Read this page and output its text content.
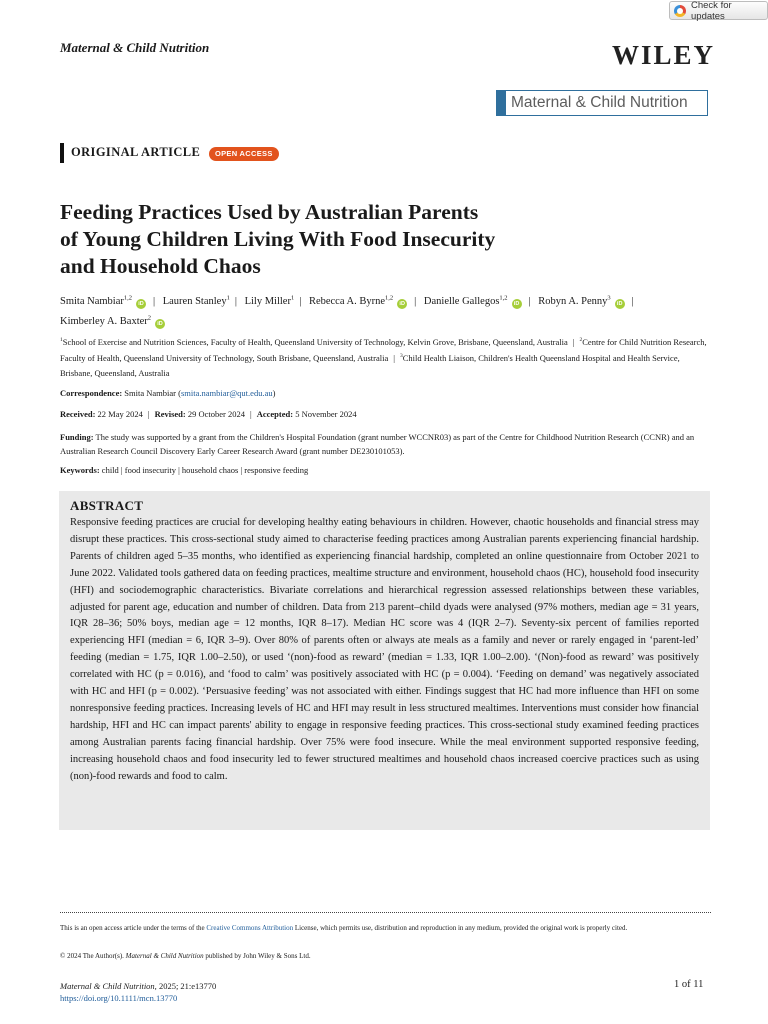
Check for updates
Maternal & Child Nutrition	WILEY
Maternal & Child Nutrition
ORIGINAL ARTICLE	OPEN ACCESS
Feeding Practices Used by Australian Parents
of Young Children Living With Food Insecurity
and Household Chaos
Smita Nambiar$^{1,2}$iD | Lauren Stanley$^1$ | Lily Miller$^1$ | Rebecca A. Byrne$^{1,2}$iD | Danielle Gallegos$^{1,2}$iD | Robyn A. Penny$^3$iD |
Kimberley A. Baxter$^2$iD
$^1$School of Exercise and Nutrition Sciences, Faculty of Health, Queensland University of Technology, Kelvin Grove, Brisbane, Queensland, Australia | $^2$Centre for Child Nutrition Research, Faculty of Health, Queensland University of Technology, South Brisbane, Queensland, Australia | $^3$Child Health Liaison, Children's Health Queensland Hospital and Health Service, Brisbane, Queensland, Australia
Correspondence: Smita Nambiar (smita.nambiar@qut.edu.au)
Received: 22 May 2024 | Revised: 29 October 2024 | Accepted: 5 November 2024
Funding: The study was supported by a grant from the Children's Hospital Foundation (grant number WCCNR03) as part of the Centre for Childhood Nutrition Research (CCNR) and an Australian Research Council Discovery Early Career Research Award (grant number DE230101053).
Keywords: child | food insecurity | household chaos | responsive feeding
ABSTRACT
Responsive feeding practices are crucial for developing healthy eating behaviours in children. However, chaotic households and financial stress may disrupt these practices. This cross-sectional study aimed to characterise feeding practices among Australian parents experiencing financial hardship. Parents of children aged 5–35 months, who identified as experiencing financial hardship, completed an online questionnaire from October 2021 to June 2022. Validated tools gathered data on feeding practices, mealtime structure and environment, household chaos (HC), household food insecurity (HFI) and sociodemographic characteristics. Bivariate correlations and hierarchical regression assessed relationships between these variables, adjusted for parent age, education and number of children. Data from 213 parent–child dyads were analysed (97% mothers, median age = 31 years, IQR 28–36; 50% boys, median age = 12 months, IQR 8–17). Median HC score was 4 (IQR 2–7). Seventy-six percent of families reported experiencing HFI (median = 6, IQR 3–9). Over 80% of parents often or always ate meals as a family and never or rarely engaged in ‘parent-led’ feeding (median = 1.75, IQR 1.00–2.50), or used ‘(non)-food as reward’ (median = 1.33, IQR 1.00–2.00). ‘(Non)-food as reward’ was positively correlated with HC (p = 0.016), and ‘food to calm’ was positively associated with HC (p = 0.004). ‘Feeding on demand’ was negatively associated with HC and HFI (p = 0.002). ‘Persuasive feeding’ was not associated with either. Findings suggest that HC had more influence than HFI on some nonresponsive feeding practices. Increasing levels of HC and HFI may result in less structured mealtimes. Interventions must consider how financial hardship, HFI and HC can impact parents' ability to engage in responsive feeding practices. This cross-sectional study examined feeding practices among Australian parents facing financial hardship. Over 75% were food insecure. While the meal environment supported responsive feeding, increasing household chaos and food insecurity led to fewer structured mealtimes and household chaos increased coercive practices such as using (non)-food rewards and food to calm.
This is an open access article under the terms of the Creative Commons Attribution License, which permits use, distribution and reproduction in any medium, provided the original work is properly cited.
© 2024 The Author(s). Maternal & Child Nutrition published by John Wiley & Sons Ltd.
Maternal & Child Nutrition, 2025; 21:e13770
https://doi.org/10.1111/mcn.13770
1 of 11
